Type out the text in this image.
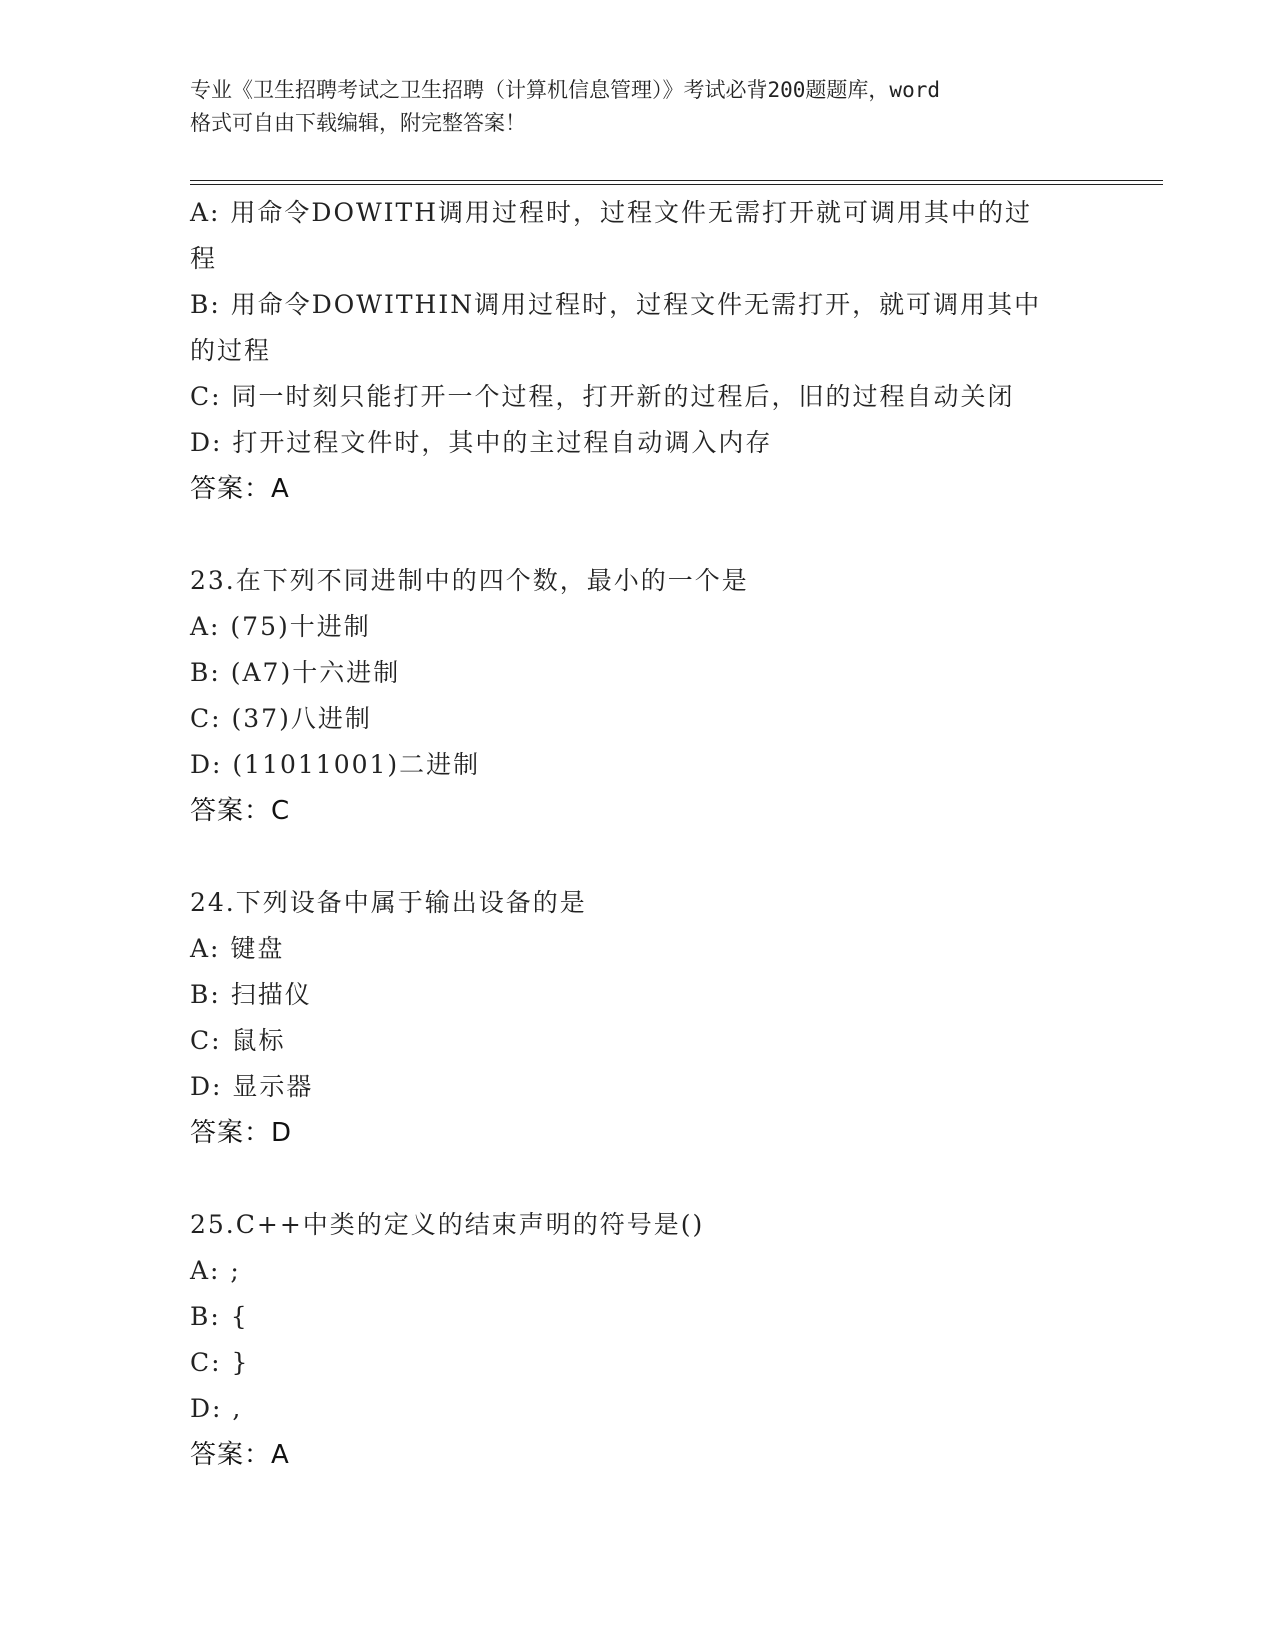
专业《卫生招聘考试之卫生招聘（计算机信息管理）》考试必背200题题库，word
格式可自由下载编辑，附完整答案！
A: 用命令DOWITH调用过程时，过程文件无需打开就可调用其中的过
程
B: 用命令DOWITHIN调用过程时，过程文件无需打开，就可调用其中
的过程
C: 同一时刻只能打开一个过程，打开新的过程后，旧的过程自动关闭
D: 打开过程文件时，其中的主过程自动调入内存
答案：A
23.在下列不同进制中的四个数，最小的一个是
A: (75)十进制
B: (A7)十六进制
C: (37)八进制
D: (11011001)二进制
答案：C
24.下列设备中属于输出设备的是
A: 键盘
B: 扫描仪
C: 鼠标
D: 显示器
答案：D
25.C++中类的定义的结束声明的符号是()
A: ;
B: {
C: }
D: ,
答案：A
